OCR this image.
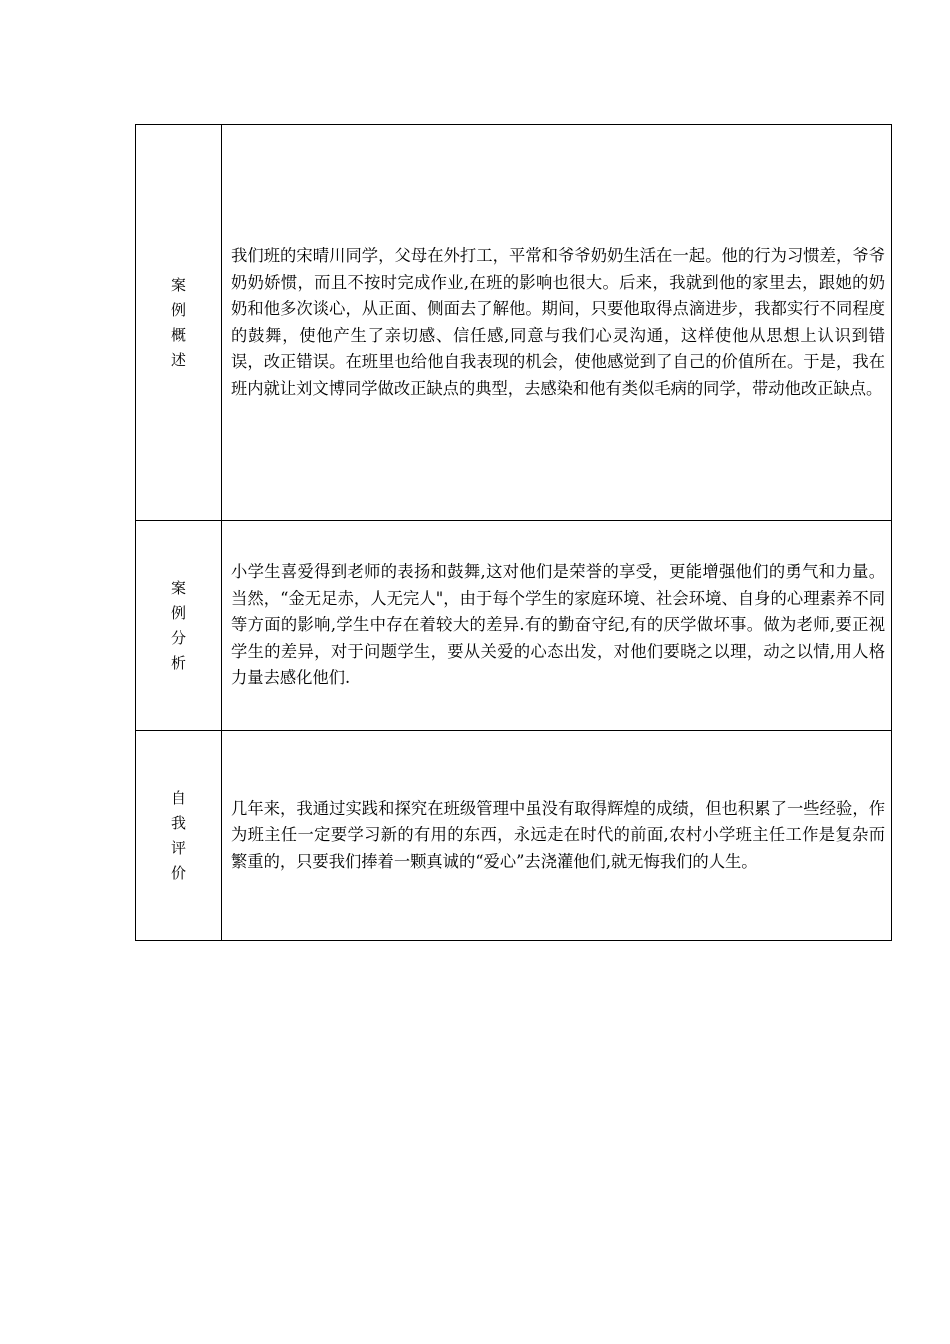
案例概述	我们班的宋晴川同学，父母在外打工，平常和爷爷奶奶生活在一起。他的行为习惯差，爷爷奶奶娇惯，而且不按时完成作业,在班的影响也很大。后来，我就到他的家里去，跟她的奶奶和他多次谈心，从正面、侧面去了解他。期间，只要他取得点滴进步，我都实行不同程度的鼓舞，使他产生了亲切感、信任感,同意与我们心灵沟通，这样使他从思想上认识到错误，改正错误。在班里也给他自我表现的机会，使他感觉到了自己的价值所在。于是，我在班内就让刘文博同学做改正缺点的典型，去感染和他有类似毛病的同学，带动他改正缺点。

案例分析	小学生喜爱得到老师的表扬和鼓舞,这对他们是荣誉的享受，更能增强他们的勇气和力量。当然，“金无足赤，人无完人"，由于每个学生的家庭环境、社会环境、自身的心理素养不同等方面的影响,学生中存在着较大的差异.有的勤奋守纪,有的厌学做坏事。做为老师,要正视学生的差异，对于问题学生，要从关爱的心态出发，对他们要晓之以理，动之以情,用人格力量去感化他们.

自我评价	几年来，我通过实践和探究在班级管理中虽没有取得辉煌的成绩，但也积累了一些经验，作为班主任一定要学习新的有用的东西，永远走在时代的前面,农村小学班主任工作是复杂而繁重的，只要我们捧着一颗真诚的“爱心”去浇灌他们,就无悔我们的人生。
